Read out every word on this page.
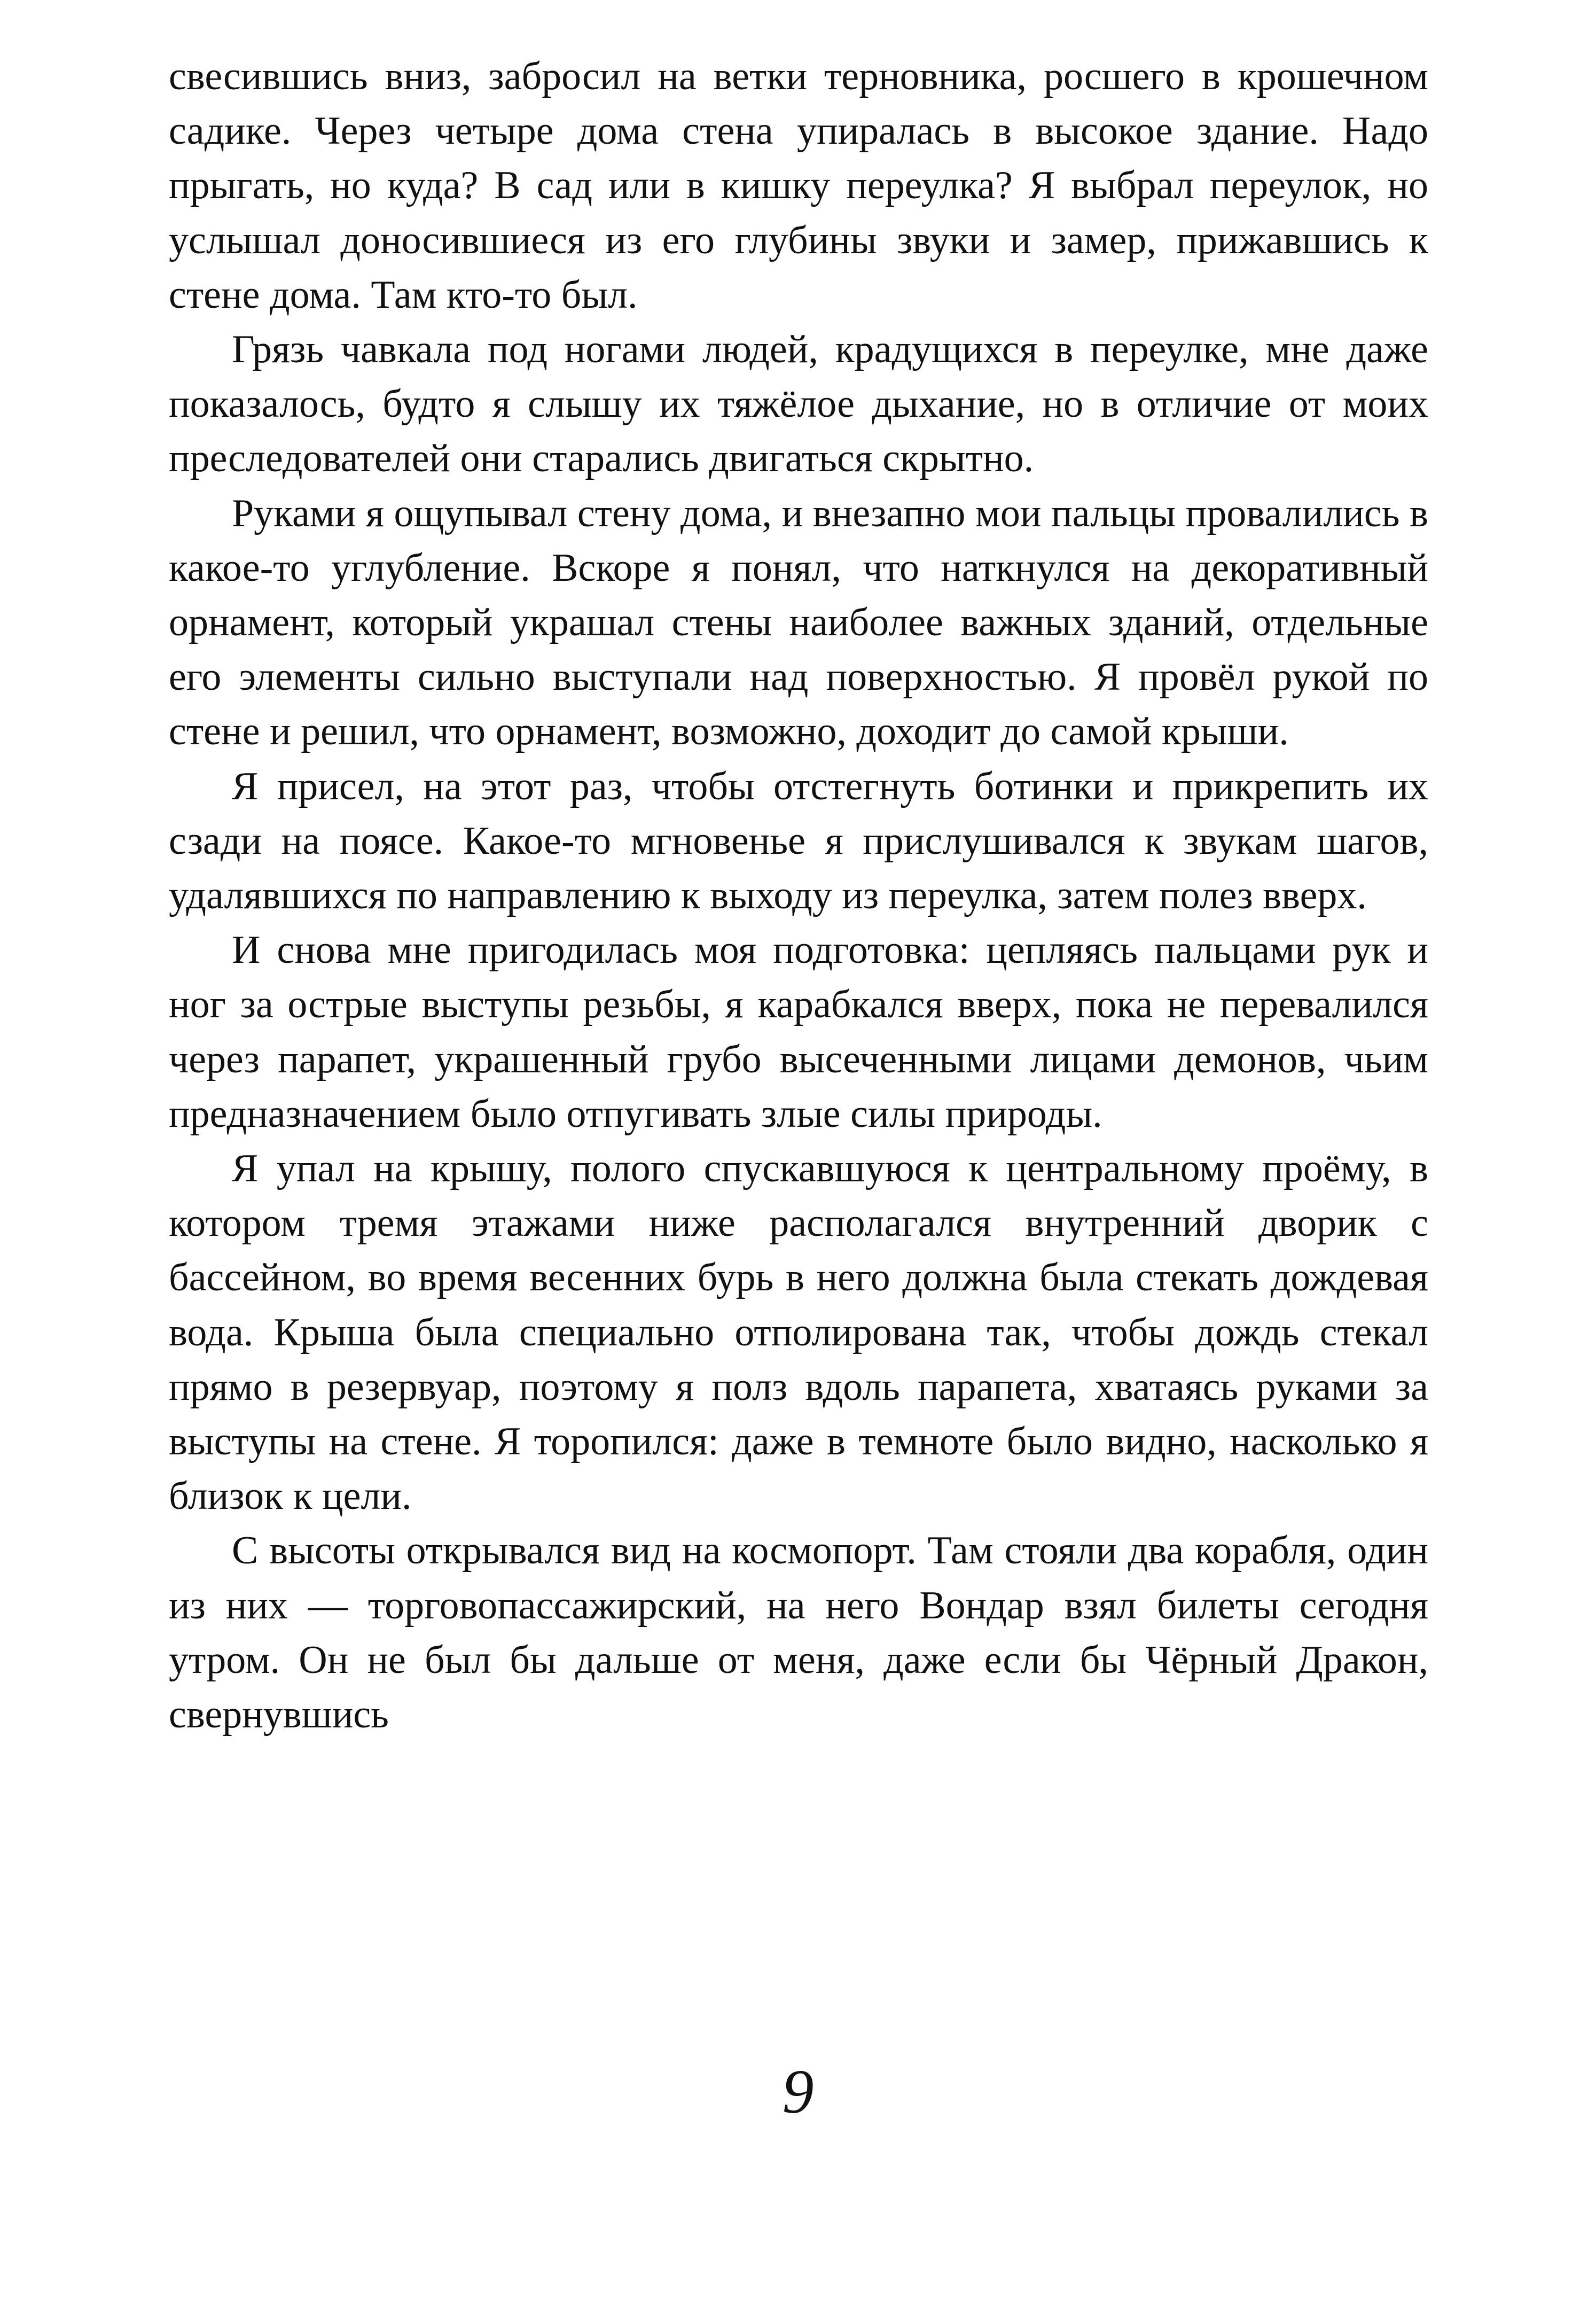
свесившись вниз, забросил на ветки терновника, росшего в крошечном садике. Через четыре дома стена упиралась в высокое здание. Надо прыгать, но куда? В сад или в кишку переулка? Я выбрал переулок, но услышал доносившиеся из его глубины звуки и замер, прижавшись к стене дома. Там кто-то был.

Грязь чавкала под ногами людей, крадущихся в переулке, мне даже показалось, будто я слышу их тяжёлое дыхание, но в отличие от моих преследователей они старались двигаться скрытно.

Руками я ощупывал стену дома, и внезапно мои пальцы провалились в какое-то углубление. Вскоре я понял, что наткнулся на декоративный орнамент, который украшал стены наиболее важных зданий, отдельные его элементы сильно выступали над поверхностью. Я провёл рукой по стене и решил, что орнамент, возможно, доходит до самой крыши.

Я присел, на этот раз, чтобы отстегнуть ботинки и прикрепить их сзади на поясе. Какое-то мгновенье я прислушивался к звукам шагов, удалявшихся по направлению к выходу из переулка, затем полез вверх.

И снова мне пригодилась моя подготовка: цепляясь пальцами рук и ног за острые выступы резьбы, я карабкался вверх, пока не перевалился через парапет, украшенный грубо высеченными лицами демонов, чьим предназначением было отпугивать злые силы природы.

Я упал на крышу, полого спускавшуюся к центральному проёму, в котором тремя этажами ниже располагался внутренний дворик с бассейном, во время весенних бурь в него должна была стекать дождевая вода. Крыша была специально отполирована так, чтобы дождь стекал прямо в резервуар, поэтому я полз вдоль парапета, хватаясь руками за выступы на стене. Я торопился: даже в темноте было видно, насколько я близок к цели.

С высоты открывался вид на космопорт. Там стояли два корабля, один из них — торговопассажирский, на него Вондар взял билеты сегодня утром. Он не был бы дальше от меня, даже если бы Чёрный Дракон, свернувшись

9
